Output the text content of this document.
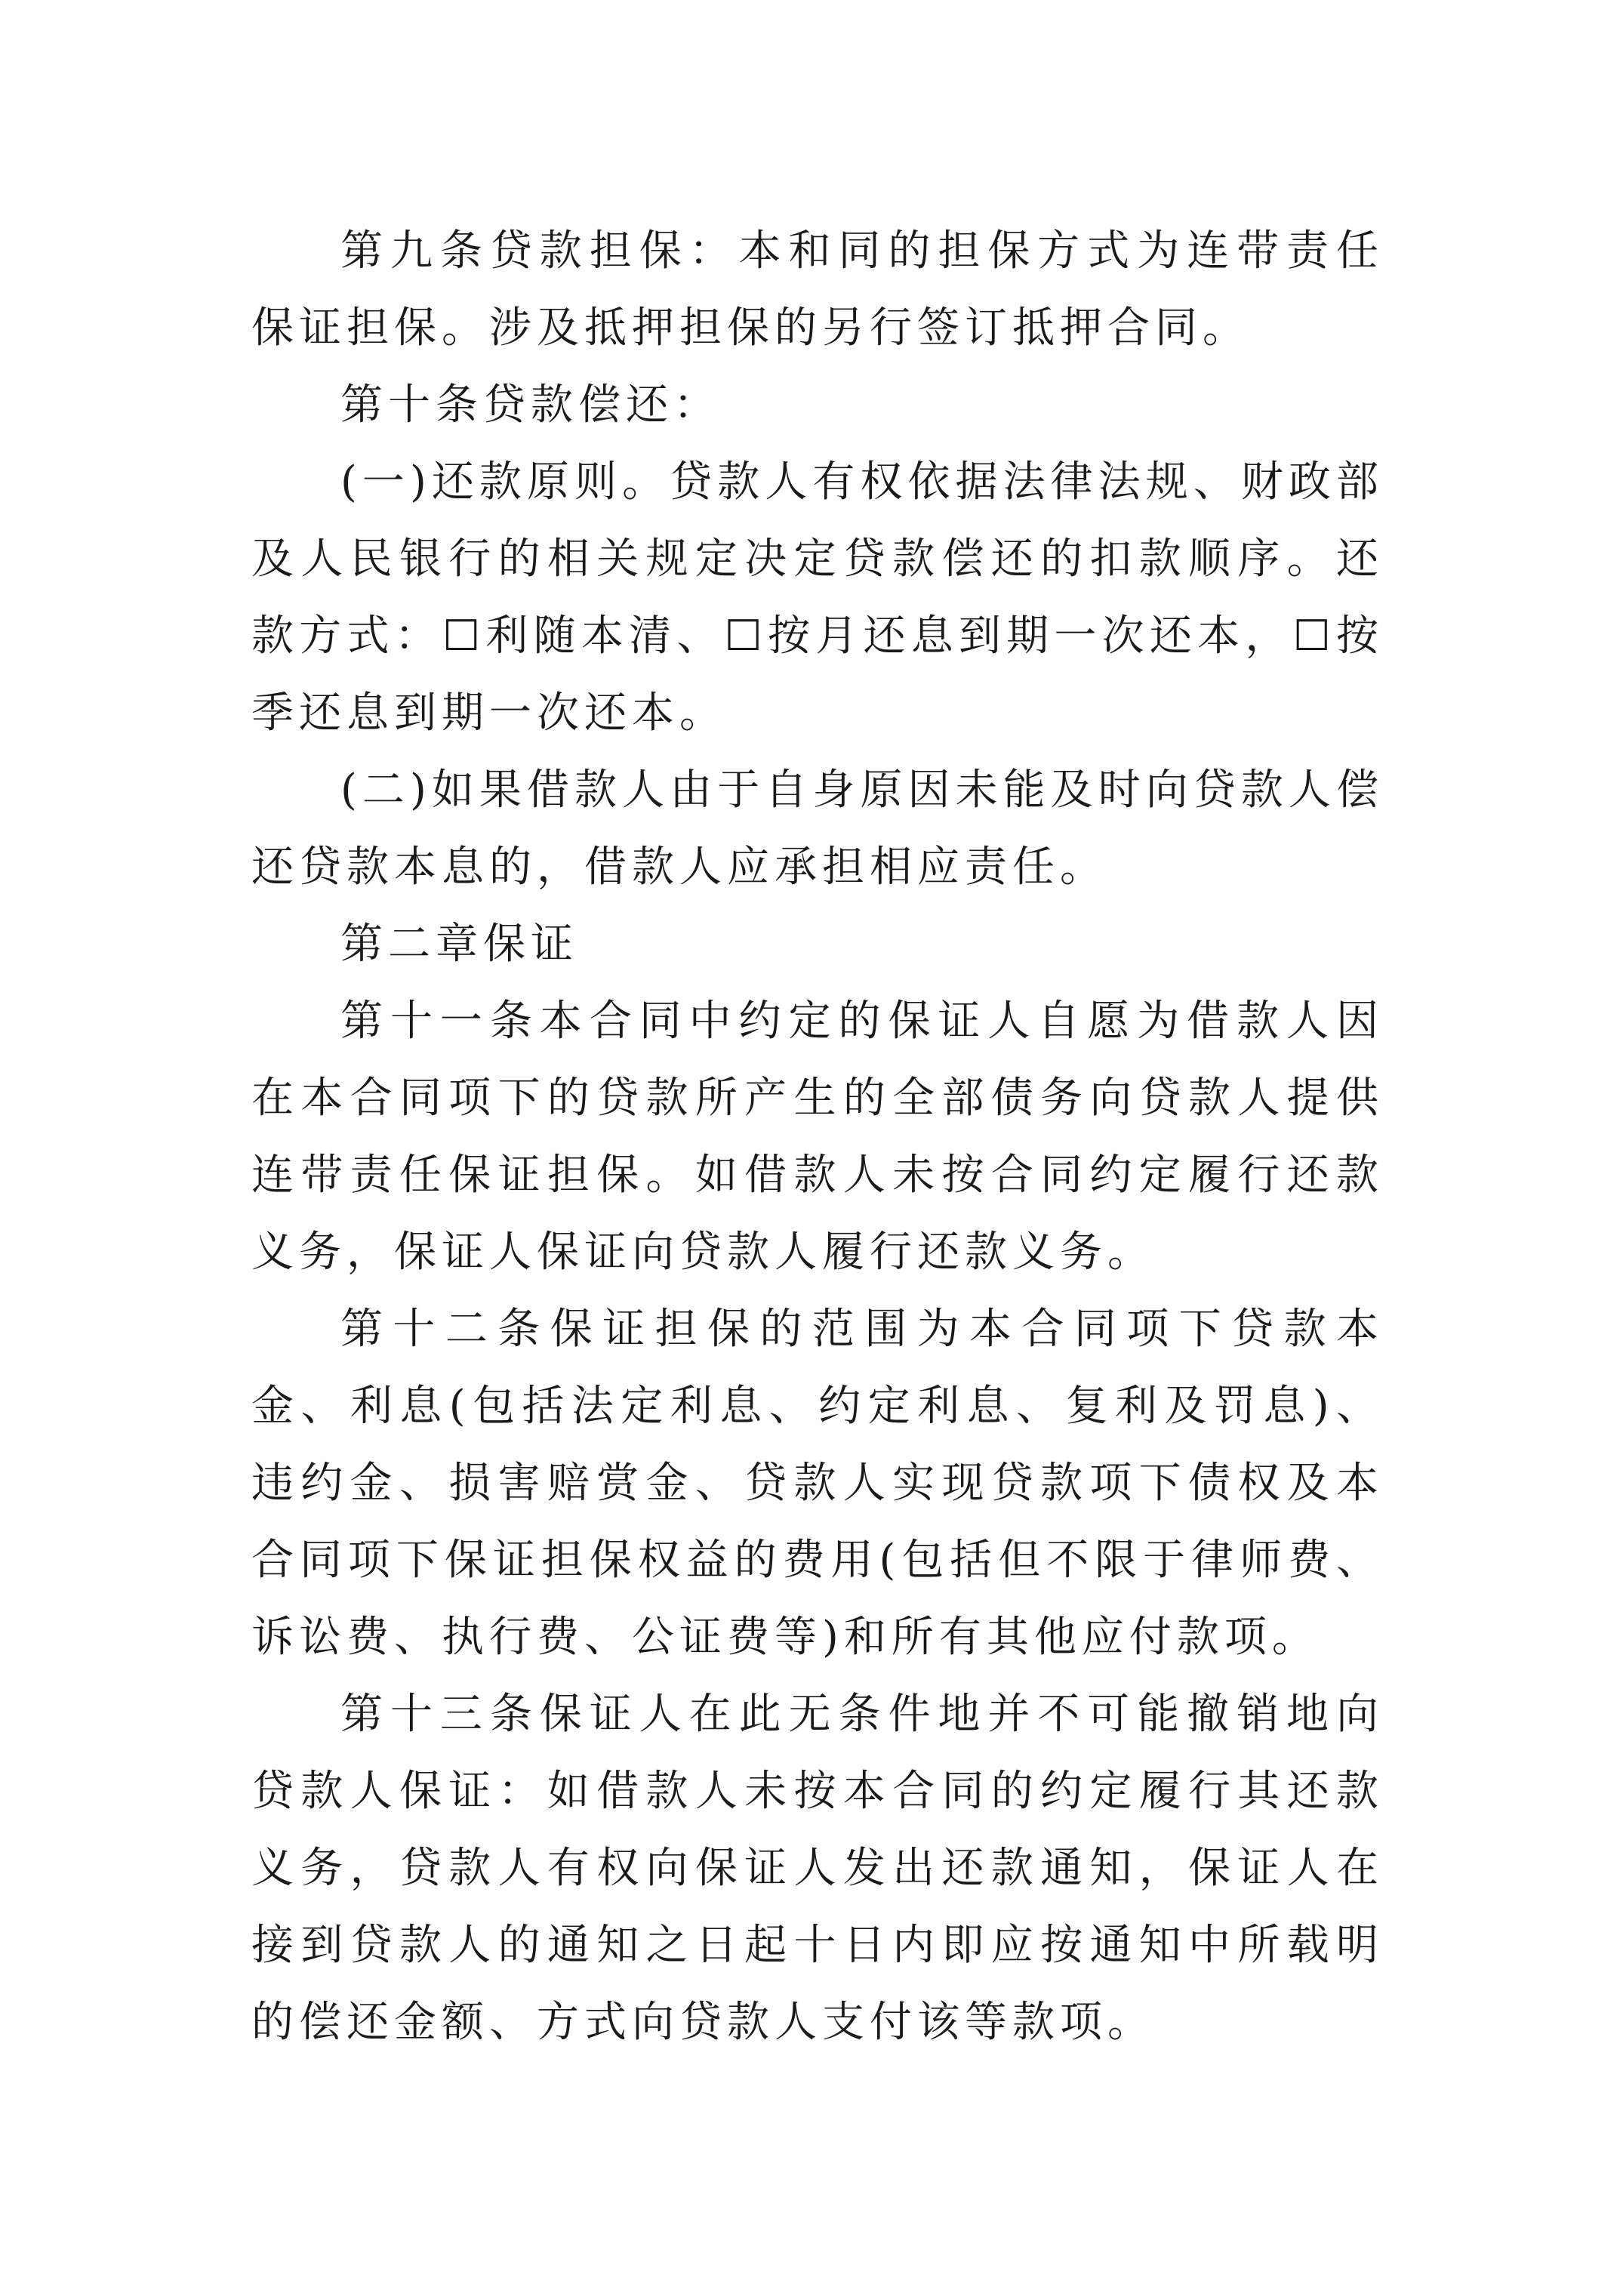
第九条贷款担保：本和同的担保方式为连带责任保证担保。涉及抵押担保的另行签订抵押合同。

第十条贷款偿还：

(一)还款原则。贷款人有权依据法律法规、财政部及人民银行的相关规定决定贷款偿还的扣款顺序。还款方式：☐利随本清、☐按月还息到期一次还本，☐按季还息到期一次还本。

(二)如果借款人由于自身原因未能及时向贷款人偿还贷款本息的，借款人应承担相应责任。

第二章保证

第十一条本合同中约定的保证人自愿为借款人因在本合同项下的贷款所产生的全部债务向贷款人提供连带责任保证担保。如借款人未按合同约定履行还款义务，保证人保证向贷款人履行还款义务。

第十二条保证担保的范围为本合同项下贷款本金、利息(包括法定利息、约定利息、复利及罚息)、违约金、损害赔赏金、贷款人实现贷款项下债权及本合同项下保证担保权益的费用(包括但不限于律师费、诉讼费、执行费、公证费等)和所有其他应付款项。

第十三条保证人在此无条件地并不可能撤销地向贷款人保证：如借款人未按本合同的约定履行其还款义务，贷款人有权向保证人发出还款通知，保证人在接到贷款人的通知之日起十日内即应按通知中所载明的偿还金额、方式向贷款人支付该等款项。
